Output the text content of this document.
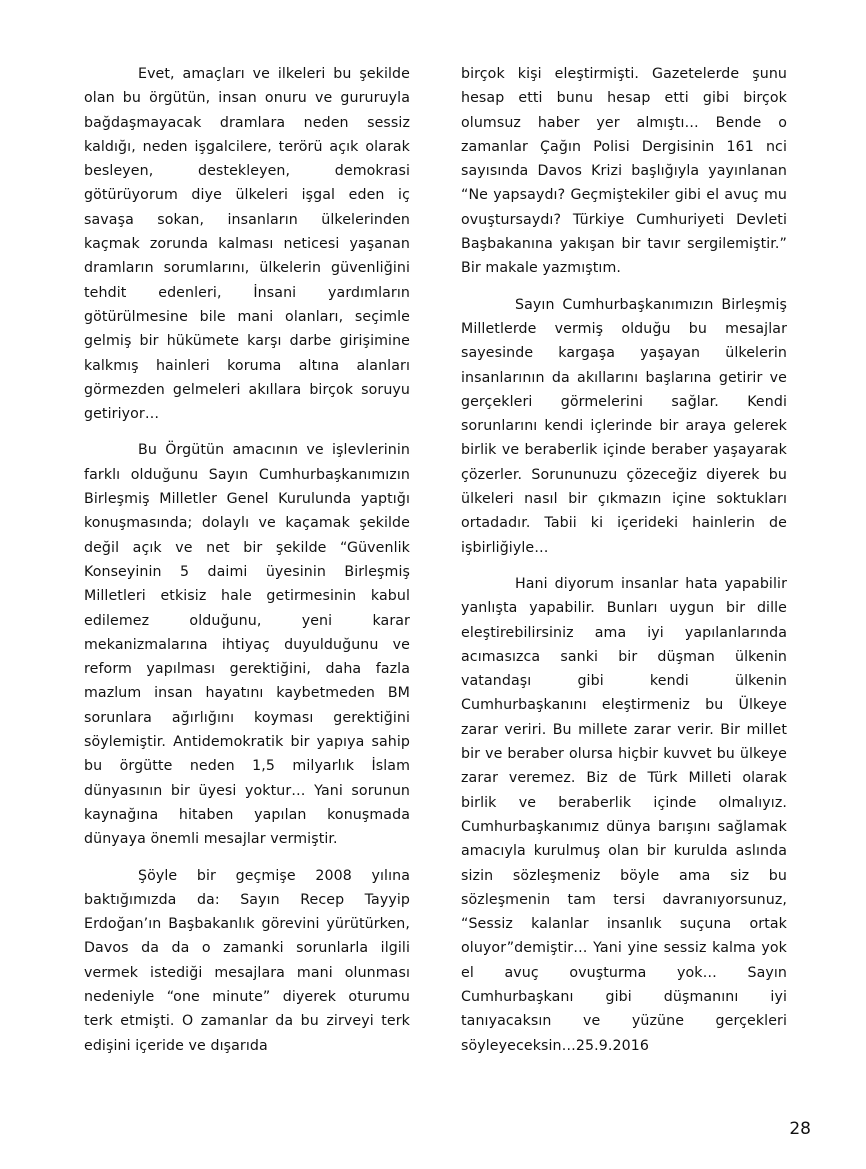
Evet, amaçları ve ilkeleri bu şekilde olan bu örgütün, insan onuru ve gururuyla bağdaşmayacak dramlara neden sessiz kaldığı, neden işgalcilere, terörü açık olarak besleyen, destekleyen, demokrasi götürüyorum diye ülkeleri işgal eden iç savaşa sokan, insanların ülkelerinden kaçmak zorunda kalması neticesi yaşanan dramların sorumlarını, ülkelerin güvenliğini tehdit edenleri, İnsani yardımların götürülmesine bile mani olanları, seçimle gelmiş bir hükümete karşı darbe girişimine kalkmış hainleri koruma altına alanları görmezden gelmeleri akıllara birçok soruyu getiriyor…

Bu Örgütün amacının ve işlevlerinin farklı olduğunu Sayın Cumhurbaşkanımızın Birleşmiş Milletler Genel Kurulunda yaptığı konuşmasında; dolaylı ve kaçamak şekilde değil açık ve net bir şekilde “Güvenlik Konseyinin 5 daimi üyesinin Birleşmiş Milletleri etkisiz hale getirmesinin kabul edilemez olduğunu, yeni karar mekanizmalarına ihtiyaç duyulduğunu ve reform yapılması gerektiğini, daha fazla mazlum insan hayatını kaybetmeden BM sorunlara ağırlığını koyması gerektiğini söylemiştir. Antidemokratik bir yapıya sahip bu örgütte neden 1,5 milyarlık İslam dünyasının bir üyesi yoktur… Yani sorunun kaynağına hitaben yapılan konuşmada dünyaya önemli mesajlar vermiştir.

Şöyle bir geçmişe 2008 yılına baktığımızda da: Sayın Recep Tayyip Erdoğan’ın Başbakanlık görevini yürütürken, Davos da da o zamanki sorunlarla ilgili vermek istediği mesajlara mani olunması nedeniyle “one minute” diyerek oturumu terk etmişti. O zamanlar da bu zirveyi terk edişini içeride ve dışarıda

birçok kişi eleştirmişti. Gazetelerde şunu hesap etti bunu hesap etti gibi birçok olumsuz haber yer almıştı… Bende o zamanlar Çağın Polisi Dergisinin 161 nci sayısında Davos Krizi başlığıyla yayınlanan “Ne yapsaydı? Geçmiştekiler gibi el avuç mu ovuştursaydı? Türkiye Cumhuriyeti Devleti Başbakanına yakışan bir tavır sergilemiştir.” Bir makale yazmıştım.

Sayın Cumhurbaşkanımızın Birleşmiş Milletlerde vermiş olduğu bu mesajlar sayesinde kargaşa yaşayan ülkelerin insanlarının da akıllarını başlarına getirir ve gerçekleri görmelerini sağlar. Kendi sorunlarını kendi içlerinde bir araya gelerek birlik ve beraberlik içinde beraber yaşayarak çözerler. Sorununuzu çözeceğiz diyerek bu ülkeleri nasıl bir çıkmazın içine soktukları ortadadır. Tabii ki içerideki hainlerin de işbirliğiyle…

Hani diyorum insanlar hata yapabilir yanlışta yapabilir. Bunları uygun bir dille eleştirebilirsiniz ama iyi yapılanlarında acımasızca sanki bir düşman ülkenin vatandaşı gibi kendi ülkenin Cumhurbaşkanını eleştirmeniz bu Ülkeye zarar veriri. Bu millete zarar verir. Bir millet bir ve beraber olursa hiçbir kuvvet bu ülkeye zarar veremez. Biz de Türk Milleti olarak birlik ve beraberlik içinde olmalıyız. Cumhurbaşkanımız dünya barışını sağlamak amacıyla kurulmuş olan bir kurulda aslında sizin sözleşmeniz böyle ama siz bu sözleşmenin tam tersi davranıyorsunuz, “Sessiz kalanlar insanlık suçuna ortak oluyor”demiştir… Yani yine sessiz kalma yok el avuç ovuşturma yok… Sayın Cumhurbaşkanı gibi düşmanını iyi tanıyacaksın ve yüzüne gerçekleri söyleyeceksin…25.9.2016

28
